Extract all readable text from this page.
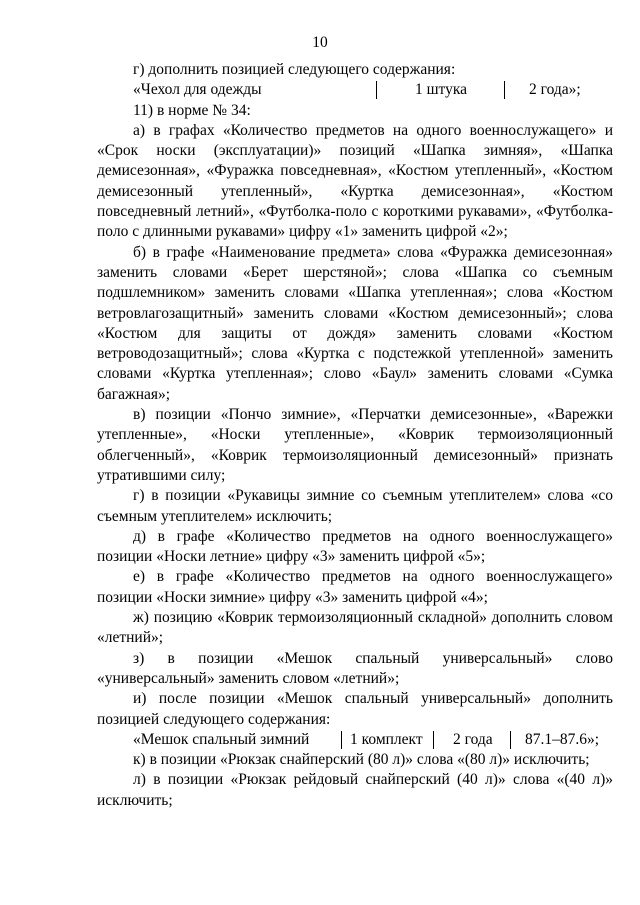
10

г) дополнить позицией следующего содержания:

«Чехол для одежды	1 штука	2 года»;

11) в норме № 34:

а) в графах «Количество предметов на одного военнослужащего» и «Срок носки (эксплуатации)» позиций «Шапка зимняя», «Шапка демисезонная», «Фуражка повседневная», «Костюм утепленный», «Костюм демисезонный утепленный», «Куртка демисезонная», «Костюм повседневный летний», «Футболка-поло с короткими рукавами», «Футболка-поло с длинными рукавами» цифру «1» заменить цифрой «2»;

б) в графе «Наименование предмета» слова «Фуражка демисезонная» заменить словами «Берет шерстяной»; слова «Шапка со съемным подшлемником» заменить словами «Шапка утепленная»; слова «Костюм ветровлагозащитный» заменить словами «Костюм демисезонный»; слова «Костюм для защиты от дождя» заменить словами «Костюм ветроводозащитный»; слова «Куртка с подстежкой утепленной» заменить словами «Куртка утепленная»; слово «Баул» заменить словами «Сумка багажная»;

в) позиции «Пончо зимние», «Перчатки демисезонные», «Варежки утепленные», «Носки утепленные», «Коврик термоизоляционный облегченный», «Коврик термоизоляционный демисезонный» признать утратившими силу;

г) в позиции «Рукавицы зимние со съемным утеплителем» слова «со съемным утеплителем» исключить;

д) в графе «Количество предметов на одного военнослужащего» позиции «Носки летние» цифру «3» заменить цифрой «5»;

е) в графе «Количество предметов на одного военнослужащего» позиции «Носки зимние» цифру «3» заменить цифрой «4»;

ж) позицию «Коврик термоизоляционный складной» дополнить словом «летний»;

з) в позиции «Мешок спальный универсальный» слово «универсальный» заменить словом «летний»;

и) после позиции «Мешок спальный универсальный» дополнить позицией следующего содержания:

«Мешок спальный зимний	1 комплект 2 года 87.1–87.6»;

к) в позиции «Рюкзак снайперский (80 л)» слова «(80 л)» исключить;

л) в позиции «Рюкзак рейдовый снайперский (40 л)» слова «(40 л)» исключить;
